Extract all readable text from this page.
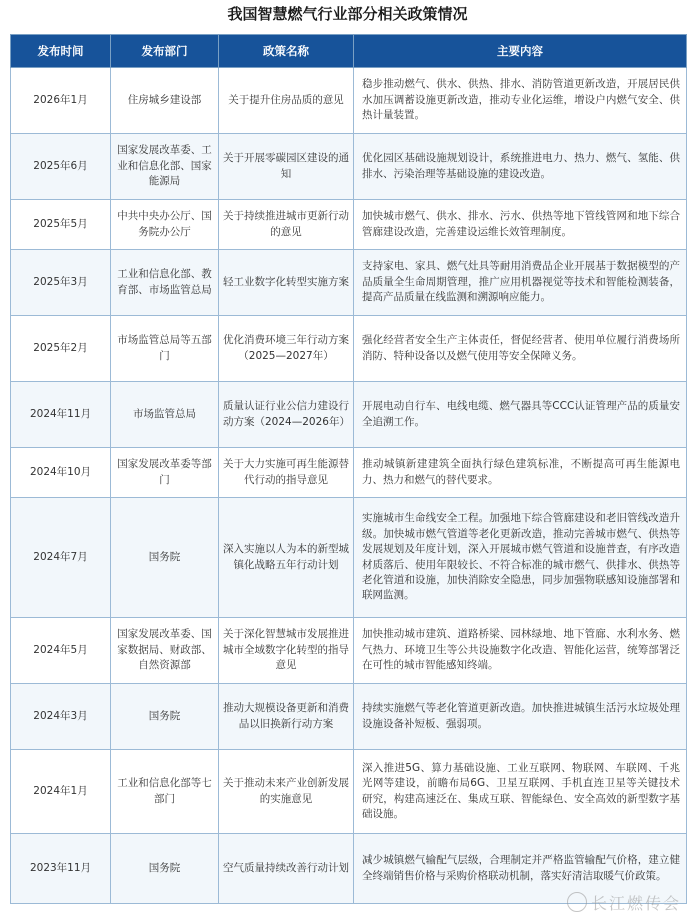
我国智慧燃气行业部分相关政策情况
发布时间	发布部门	政策名称	主要内容
2026年1月	住房城乡建设部	关于提升住房品质的意见	稳步推动燃气、供水、供热、排水、消防管道更新改造，开展居民供水加压调蓄设施更新改造，推动专业化运维，增设户内燃气安全、供热计量装置。
2025年6月	国家发展改革委、工业和信息化部、国家能源局	关于开展零碳园区建设的通知	优化园区基础设施规划设计，系统推进电力、热力、燃气、氢能、供排水、污染治理等基础设施的建设改造。
2025年5月	中共中央办公厅、国务院办公厅	关于持续推进城市更新行动的意见	加快城市燃气、供水、排水、污水、供热等地下管线管网和地下综合管廊建设改造，完善建设运维长效管理制度。
2025年3月	工业和信息化部、教育部、市场监管总局	轻工业数字化转型实施方案	支持家电、家具、燃气灶具等耐用消费品企业开展基于数据模型的产品质量全生命周期管理，推广应用机器视觉等技术和智能检测装备，提高产品质量在线监测和溯源响应能力。
2025年2月	市场监管总局等五部门	优化消费环境三年行动方案（2025—2027年）	强化经营者安全生产主体责任，督促经营者、使用单位履行消费场所消防、特种设备以及燃气使用等安全保障义务。
2024年11月	市场监管总局	质量认证行业公信力建设行动方案（2024—2026年）	开展电动自行车、电线电缆、燃气器具等CCC认证管理产品的质量安全追溯工作。
2024年10月	国家发展改革委等部门	关于大力实施可再生能源替代行动的指导意见	推动城镇新建建筑全面执行绿色建筑标准，不断提高可再生能源电力、热力和燃气的替代要求。
2024年7月	国务院	深入实施以人为本的新型城镇化战略五年行动计划	实施城市生命线安全工程。加强地下综合管廊建设和老旧管线改造升级。加快城市燃气管道等老化更新改造，推动完善城市燃气、供热等发展规划及年度计划，深入开展城市燃气管道和设施普查，有序改造材质落后、使用年限较长、不符合标准的城市燃气、供排水、供热等老化管道和设施，加快消除安全隐患，同步加强物联感知设施部署和联网监测。
2024年5月	国家发展改革委、国家数据局、财政部、自然资源部	关于深化智慧城市发展推进城市全域数字化转型的指导意见	加快推动城市建筑、道路桥梁、园林绿地、地下管廊、水利水务、燃气热力、环境卫生等公共设施数字化改造、智能化运营，统筹部署泛在可性的城市智能感知终端。
2024年3月	国务院	推动大规模设备更新和消费品以旧换新行动方案	持续实施燃气等老化管道更新改造。加快推进城镇生活污水垃圾处理设施设备补短板、强弱项。
2024年1月	工业和信息化部等七部门	关于推动未来产业创新发展的实施意见	深入推进5G、算力基础设施、工业互联网、物联网、车联网、千兆光网等建设，前瞻布局6G、卫星互联网、手机直连卫星等关键技术研究，构建高速泛在、集成互联、智能绿色、安全高效的新型数字基础设施。
2023年11月	国务院	空气质量持续改善行动计划	减少城镇燃气输配气层级，合理制定并严格监管输配气价格，建立健全终端销售价格与采购价格联动机制，落实好清洁取暖气价政策。
长江燃传会
